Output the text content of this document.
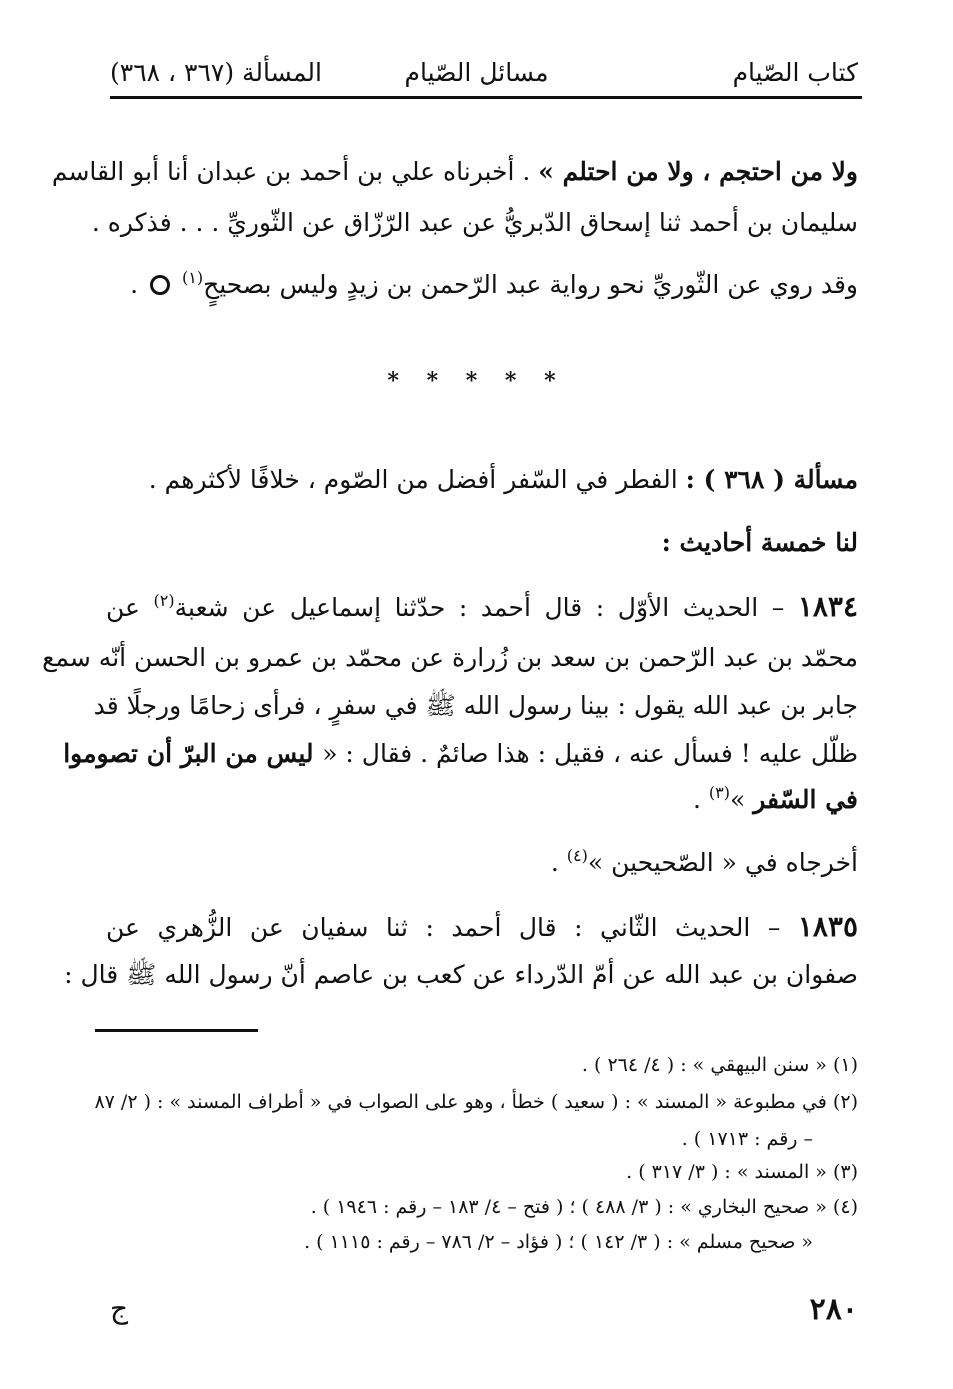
كتاب الصّيام
مسائل الصّيام
المسألة (٣٦٧ ، ٣٦٨)
ولا من احتجم ، ولا من احتلم » . أخبرناه علي بن أحمد بن عبدان أنا أبو القاسم
سليمان بن أحمد ثنا إسحاق الدّبريُّ عن عبد الرّزّاق عن الثّوريِّ . . . فذكره .
وقد روي عن الثّوريِّ نحو رواية عبد الرّحمن بن زيدٍ وليس بصحيحٍ$^{(١)}$  .
* * * * *
مسألة ( ٣٦٨ ) : الفطر في السّفر أفضل من الصّوم ، خلافًا لأكثرهم .
لنا خمسة أحاديث :
١٨٣٤ – الحديث الأوّل : قال أحمد : حدّثنا إسماعيل عن شعبة$^{(٢)}$ عن
محمّد بن عبد الرّحمن بن سعد بن زُرارة عن محمّد بن عمرو بن الحسن أنّه سمع
جابر بن عبد الله يقول : بينا رسول الله ﷺ في سفرٍ ، فرأى زحامًا ورجلًا قد
ظلّل عليه ! فسأل عنه ، فقيل : هذا صائمٌ . فقال : « ليس من البرّ أن تصوموا
في السّفر »$^{(٣)}$ .
أخرجاه في « الصّحيحين »$^{(٤)}$ .
١٨٣٥ – الحديث الثّاني : قال أحمد : ثنا سفيان عن الزُّهري عن
صفوان بن عبد الله عن أمّ الدّرداء عن كعب بن عاصم أنّ رسول الله ﷺ قال :
(١) « سنن البيهقي » : ( ٤/ ٢٦٤ ) .
(٢) في مطبوعة « المسند » : ( سعيد ) خطأ ، وهو على الصواب في « أطراف المسند » : ( ٢/ ٨٧
– رقم : ١٧١٣ ) .
(٣) « المسند » : ( ٣/ ٣١٧ ) .
(٤) « صحيح البخاري » : ( ٣/ ٤٨٨ ) ؛ ( فتح – ٤/ ١٨٣ – رقم : ١٩٤٦ ) .
« صحيح مسلم » : ( ٣/ ١٤٢ ) ؛ ( فؤاد – ٢/ ٧٨٦ – رقم : ١١١٥ ) .
٢٨٠
ج
